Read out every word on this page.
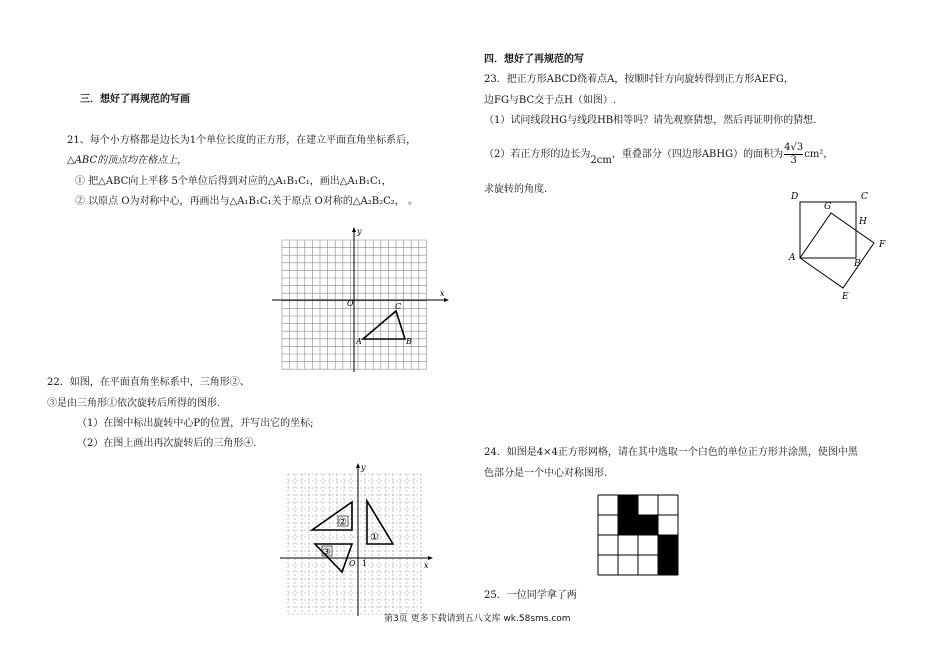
三．想好了再规范的写画
21、每个小方格都是边长为1个单位长度的正方形，在建立平面直角坐标系后，
△ABC的顶点均在格点上，
① 把△ABC向上平移 5个单位后得到对应的△A₁B₁C₁，画出△A₁B₁C₁，
② 以原点 O为对称中心，再画出与△A₁B₁C₁关于原点 O对称的△A₂B₂C₂， 。
x
y
O
A	B
C
22．如图，在平面直角坐标系中，三角形②、
③是由三角形①依次旋转后所得的图形.
（1）在图中标出旋转中心P的位置，并写出它的坐标;
（2）在图上画出再次旋转后的三角形④.
x
y
O 1
①
②
③
四．想好了再规范的写
23．把正方形ABCD绕着点A，按顺时针方向旋转得到正方形AEFG，
边FG与BC交于点H（如图）.
（1）试问线段HG与线段HB相等吗？请先观察猜想，然后再证明你的猜想.
（2）若正方形的边长为2cm，重叠部分（四边形ABHG）的面积为 $\frac{4√3}{3} cm^2$，
求旋转的角度.
D	C
G
H
F
A
B
E
24．如图是4×4正方形网格，请在其中选取一个白色的单位正方形并涂黑，使图中黑
色部分是一个中心对称图形.
25．一位同学拿了两
第3页 更多下载请到五八文库 wk.58sms.com
